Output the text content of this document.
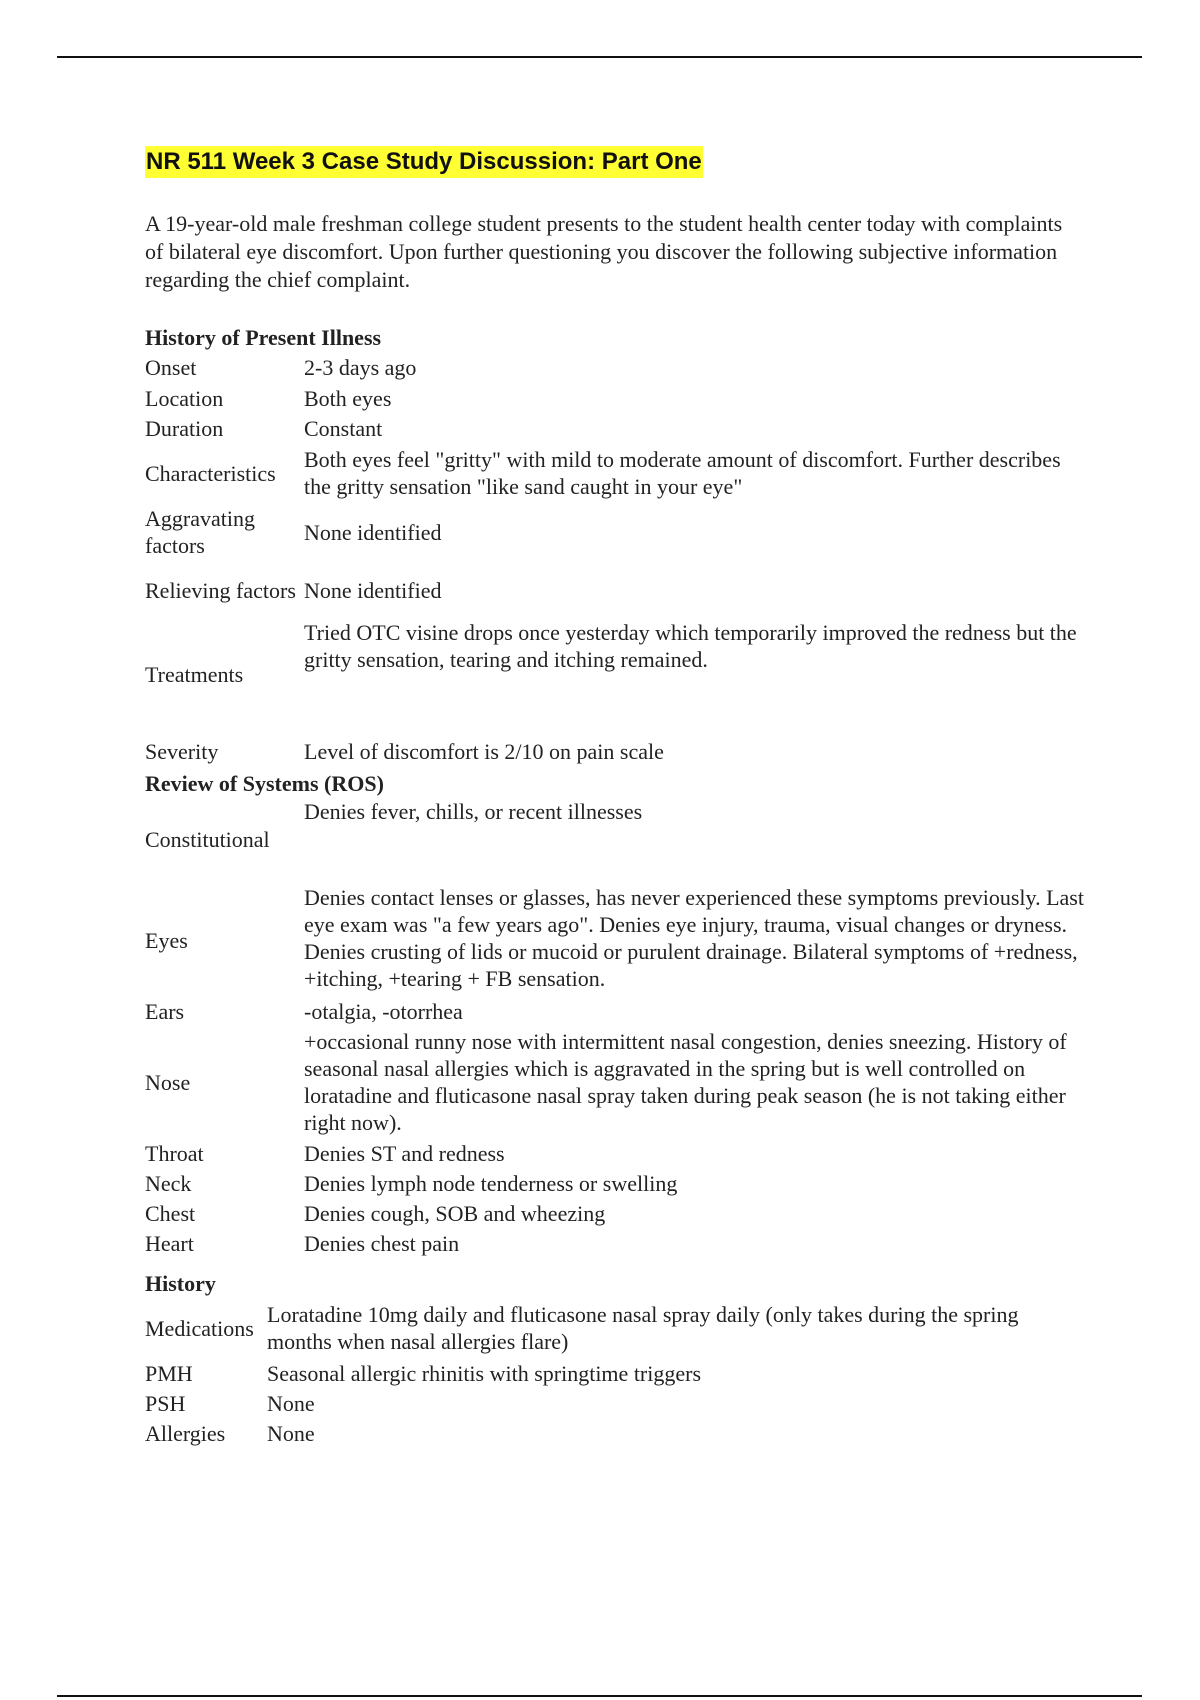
NR 511 Week 3 Case Study Discussion: Part One

A 19-year-old male freshman college student presents to the student health center today with complaints of bilateral eye discomfort. Upon further questioning you discover the following subjective information regarding the chief complaint.

History of Present Illness

Onset	2-3 days ago
Location	Both eyes
Duration	Constant
Characteristics	Both eyes feel "gritty" with mild to moderate amount of discomfort. Further describes the gritty sensation "like sand caught in your eye"
Aggravating factors	None identified
Relieving factors	None identified
Treatments	Tried OTC visine drops once yesterday which temporarily improved the redness but the gritty sensation, tearing and itching remained.
Severity	Level of discomfort is 2/10 on pain scale

Review of Systems (ROS)

Constitutional	Denies fever, chills, or recent illnesses
Eyes	Denies contact lenses or glasses, has never experienced these symptoms previously. Last eye exam was "a few years ago". Denies eye injury, trauma, visual changes or dryness. Denies crusting of lids or mucoid or purulent drainage. Bilateral symptoms of +redness, +itching, +tearing + FB sensation.
Ears	-otalgia, -otorrhea
Nose	+occasional runny nose with intermittent nasal congestion, denies sneezing. History of seasonal nasal allergies which is aggravated in the spring but is well controlled on loratadine and fluticasone nasal spray taken during peak season (he is not taking either right now).
Throat	Denies ST and redness
Neck	Denies lymph node tenderness or swelling
Chest	Denies cough, SOB and wheezing
Heart	Denies chest pain

History

Medications	Loratadine 10mg daily and fluticasone nasal spray daily (only takes during the spring months when nasal allergies flare)
PMH	Seasonal allergic rhinitis with springtime triggers
PSH	None
Allergies	None
